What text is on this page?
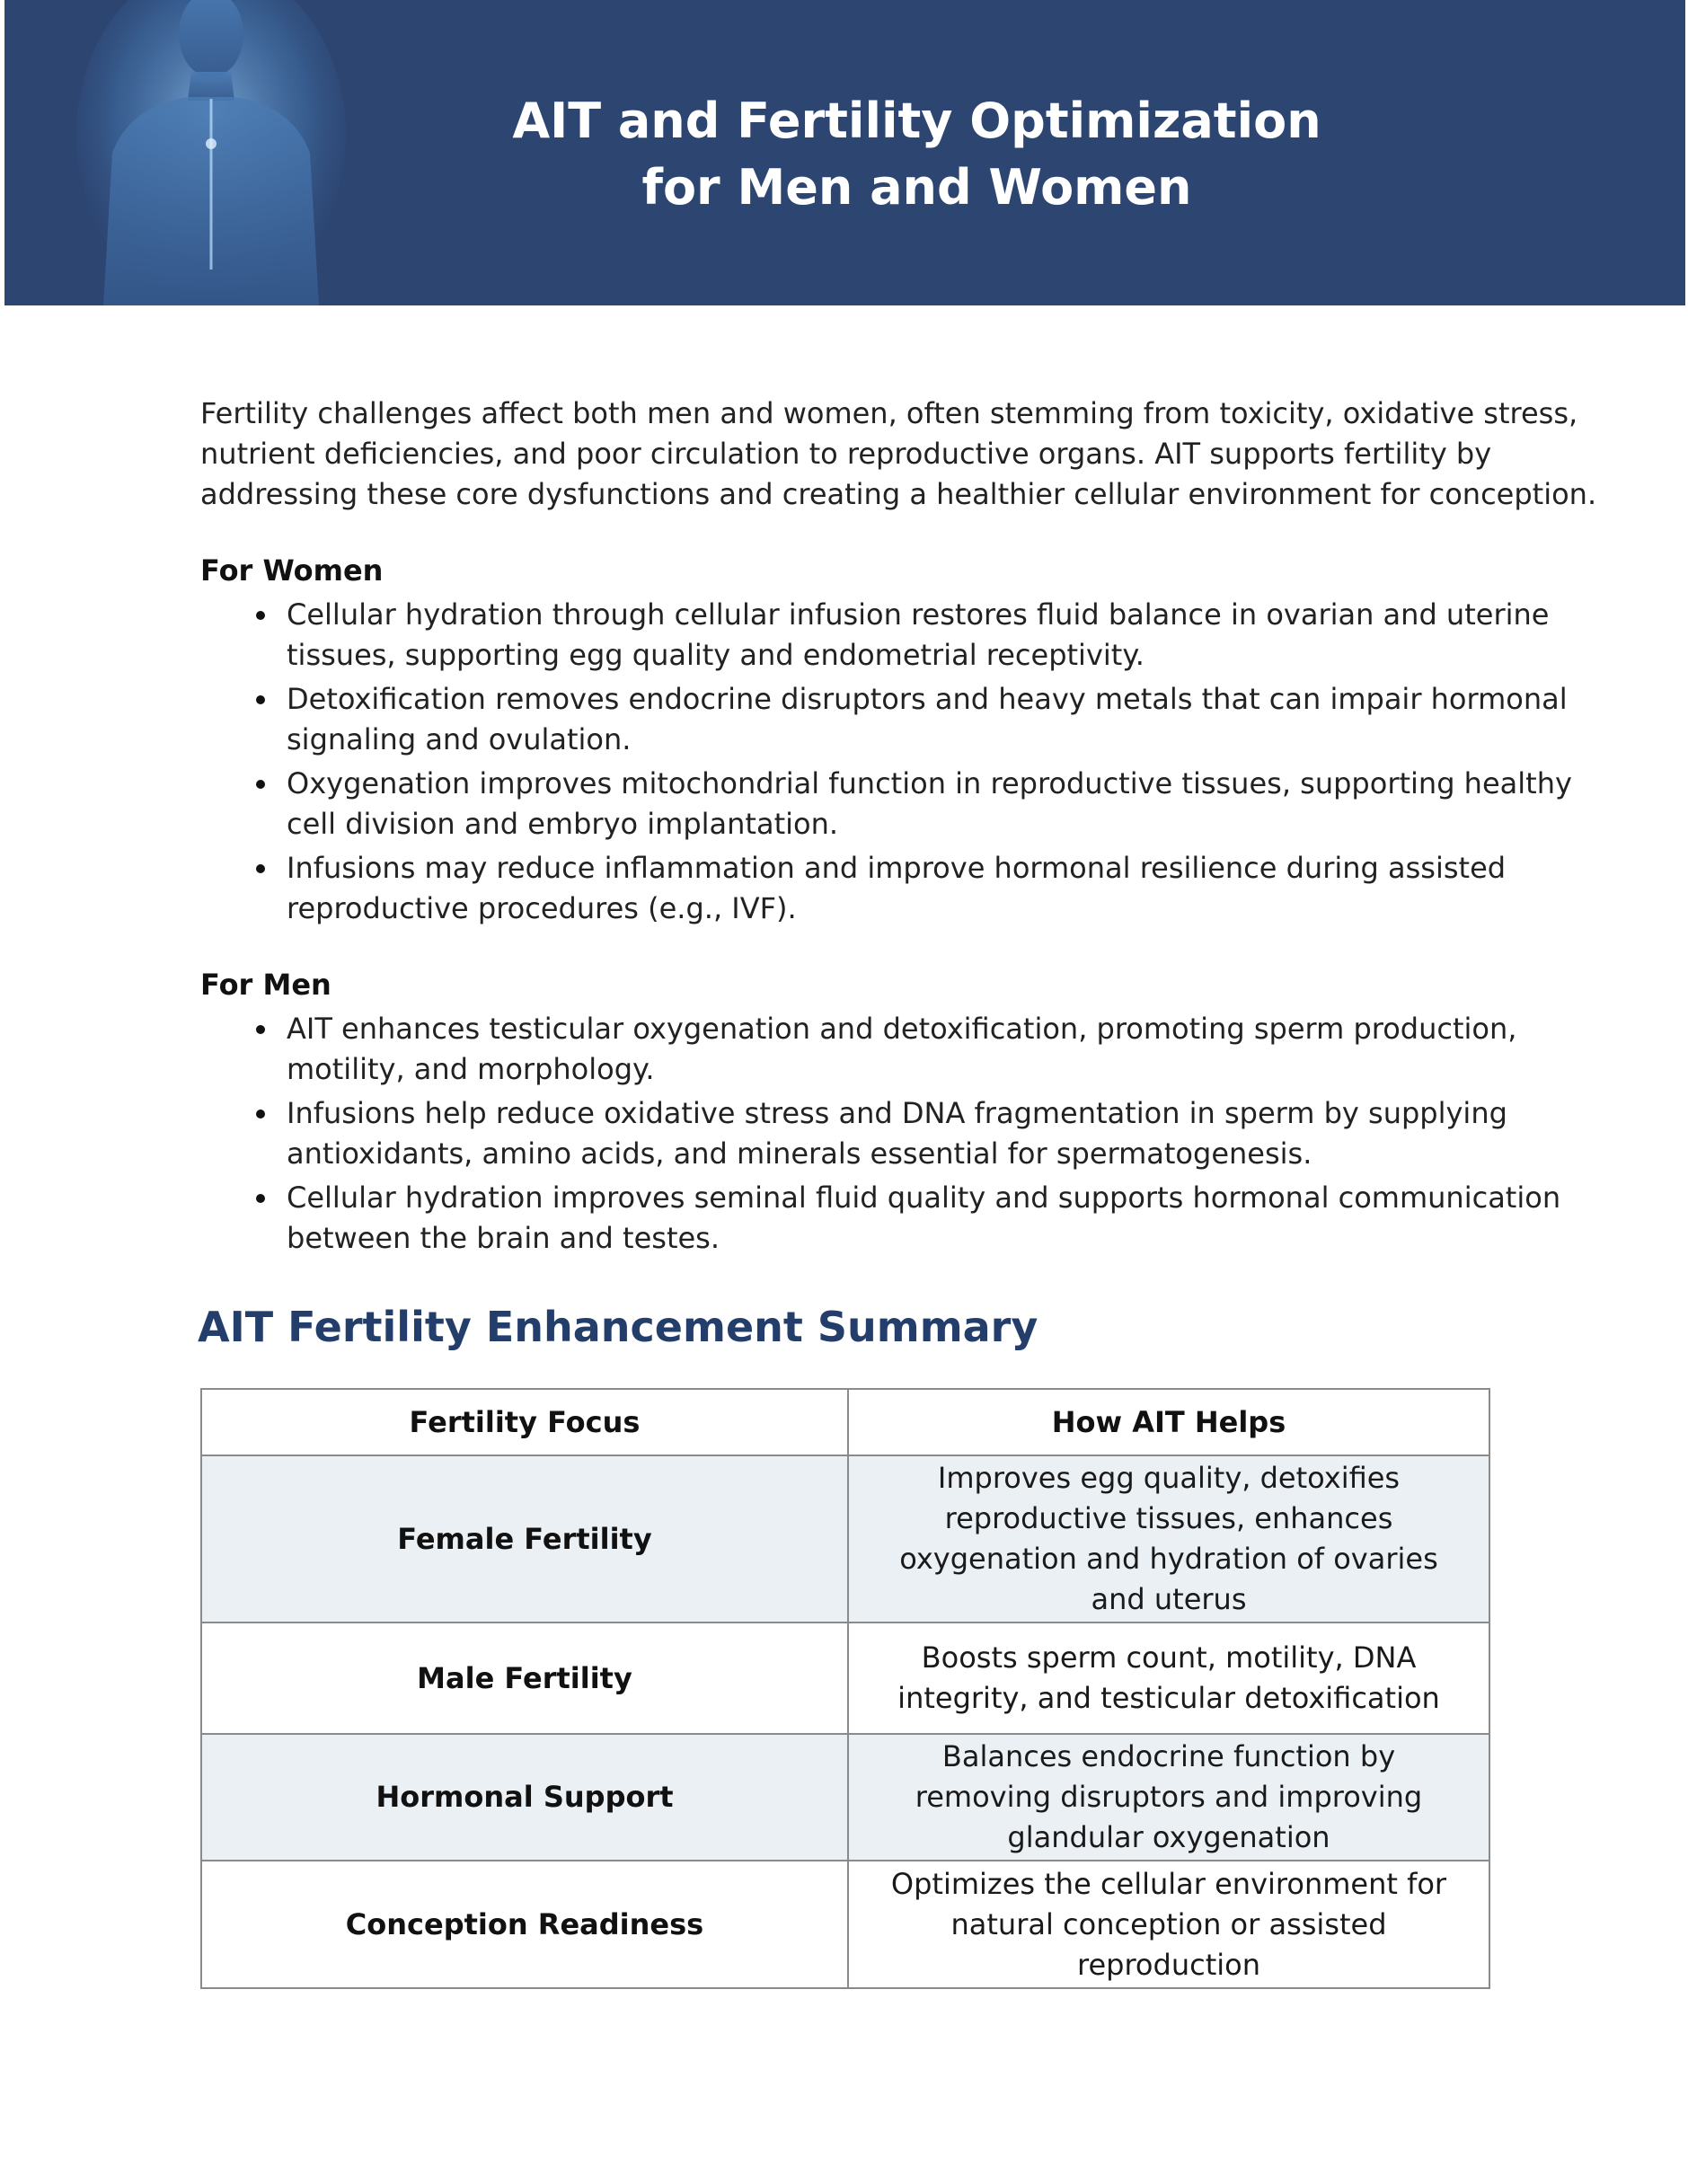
AIT and Fertility Optimization
for Men and Women

Fertility challenges affect both men and women, often stemming from toxicity, oxidative stress, nutrient deficiencies, and poor circulation to reproductive organs. AIT supports fertility by addressing these core dysfunctions and creating a healthier cellular environment for conception.

For Women
Cellular hydration through cellular infusion restores fluid balance in ovarian and uterine tissues, supporting egg quality and endometrial receptivity.
Detoxification removes endocrine disruptors and heavy metals that can impair hormonal signaling and ovulation.
Oxygenation improves mitochondrial function in reproductive tissues, supporting healthy cell division and embryo implantation.
Infusions may reduce inflammation and improve hormonal resilience during assisted reproductive procedures (e.g., IVF).
For Men
AIT enhances testicular oxygenation and detoxification, promoting sperm production, motility, and morphology.
Infusions help reduce oxidative stress and DNA fragmentation in sperm by supplying antioxidants, amino acids, and minerals essential for spermatogenesis.
Cellular hydration improves seminal fluid quality and supports hormonal communication between the brain and testes.
AIT Fertility Enhancement Summary
Fertility Focus	How AIT Helps
Female Fertility	Improves egg quality, detoxifies reproductive tissues, enhances oxygenation and hydration of ovaries and uterus
Male Fertility	Boosts sperm count, motility, DNA integrity, and testicular detoxification
Hormonal Support	Balances endocrine function by removing disruptors and improving glandular oxygenation
Conception Readiness	Optimizes the cellular environment for natural conception or assisted reproduction
